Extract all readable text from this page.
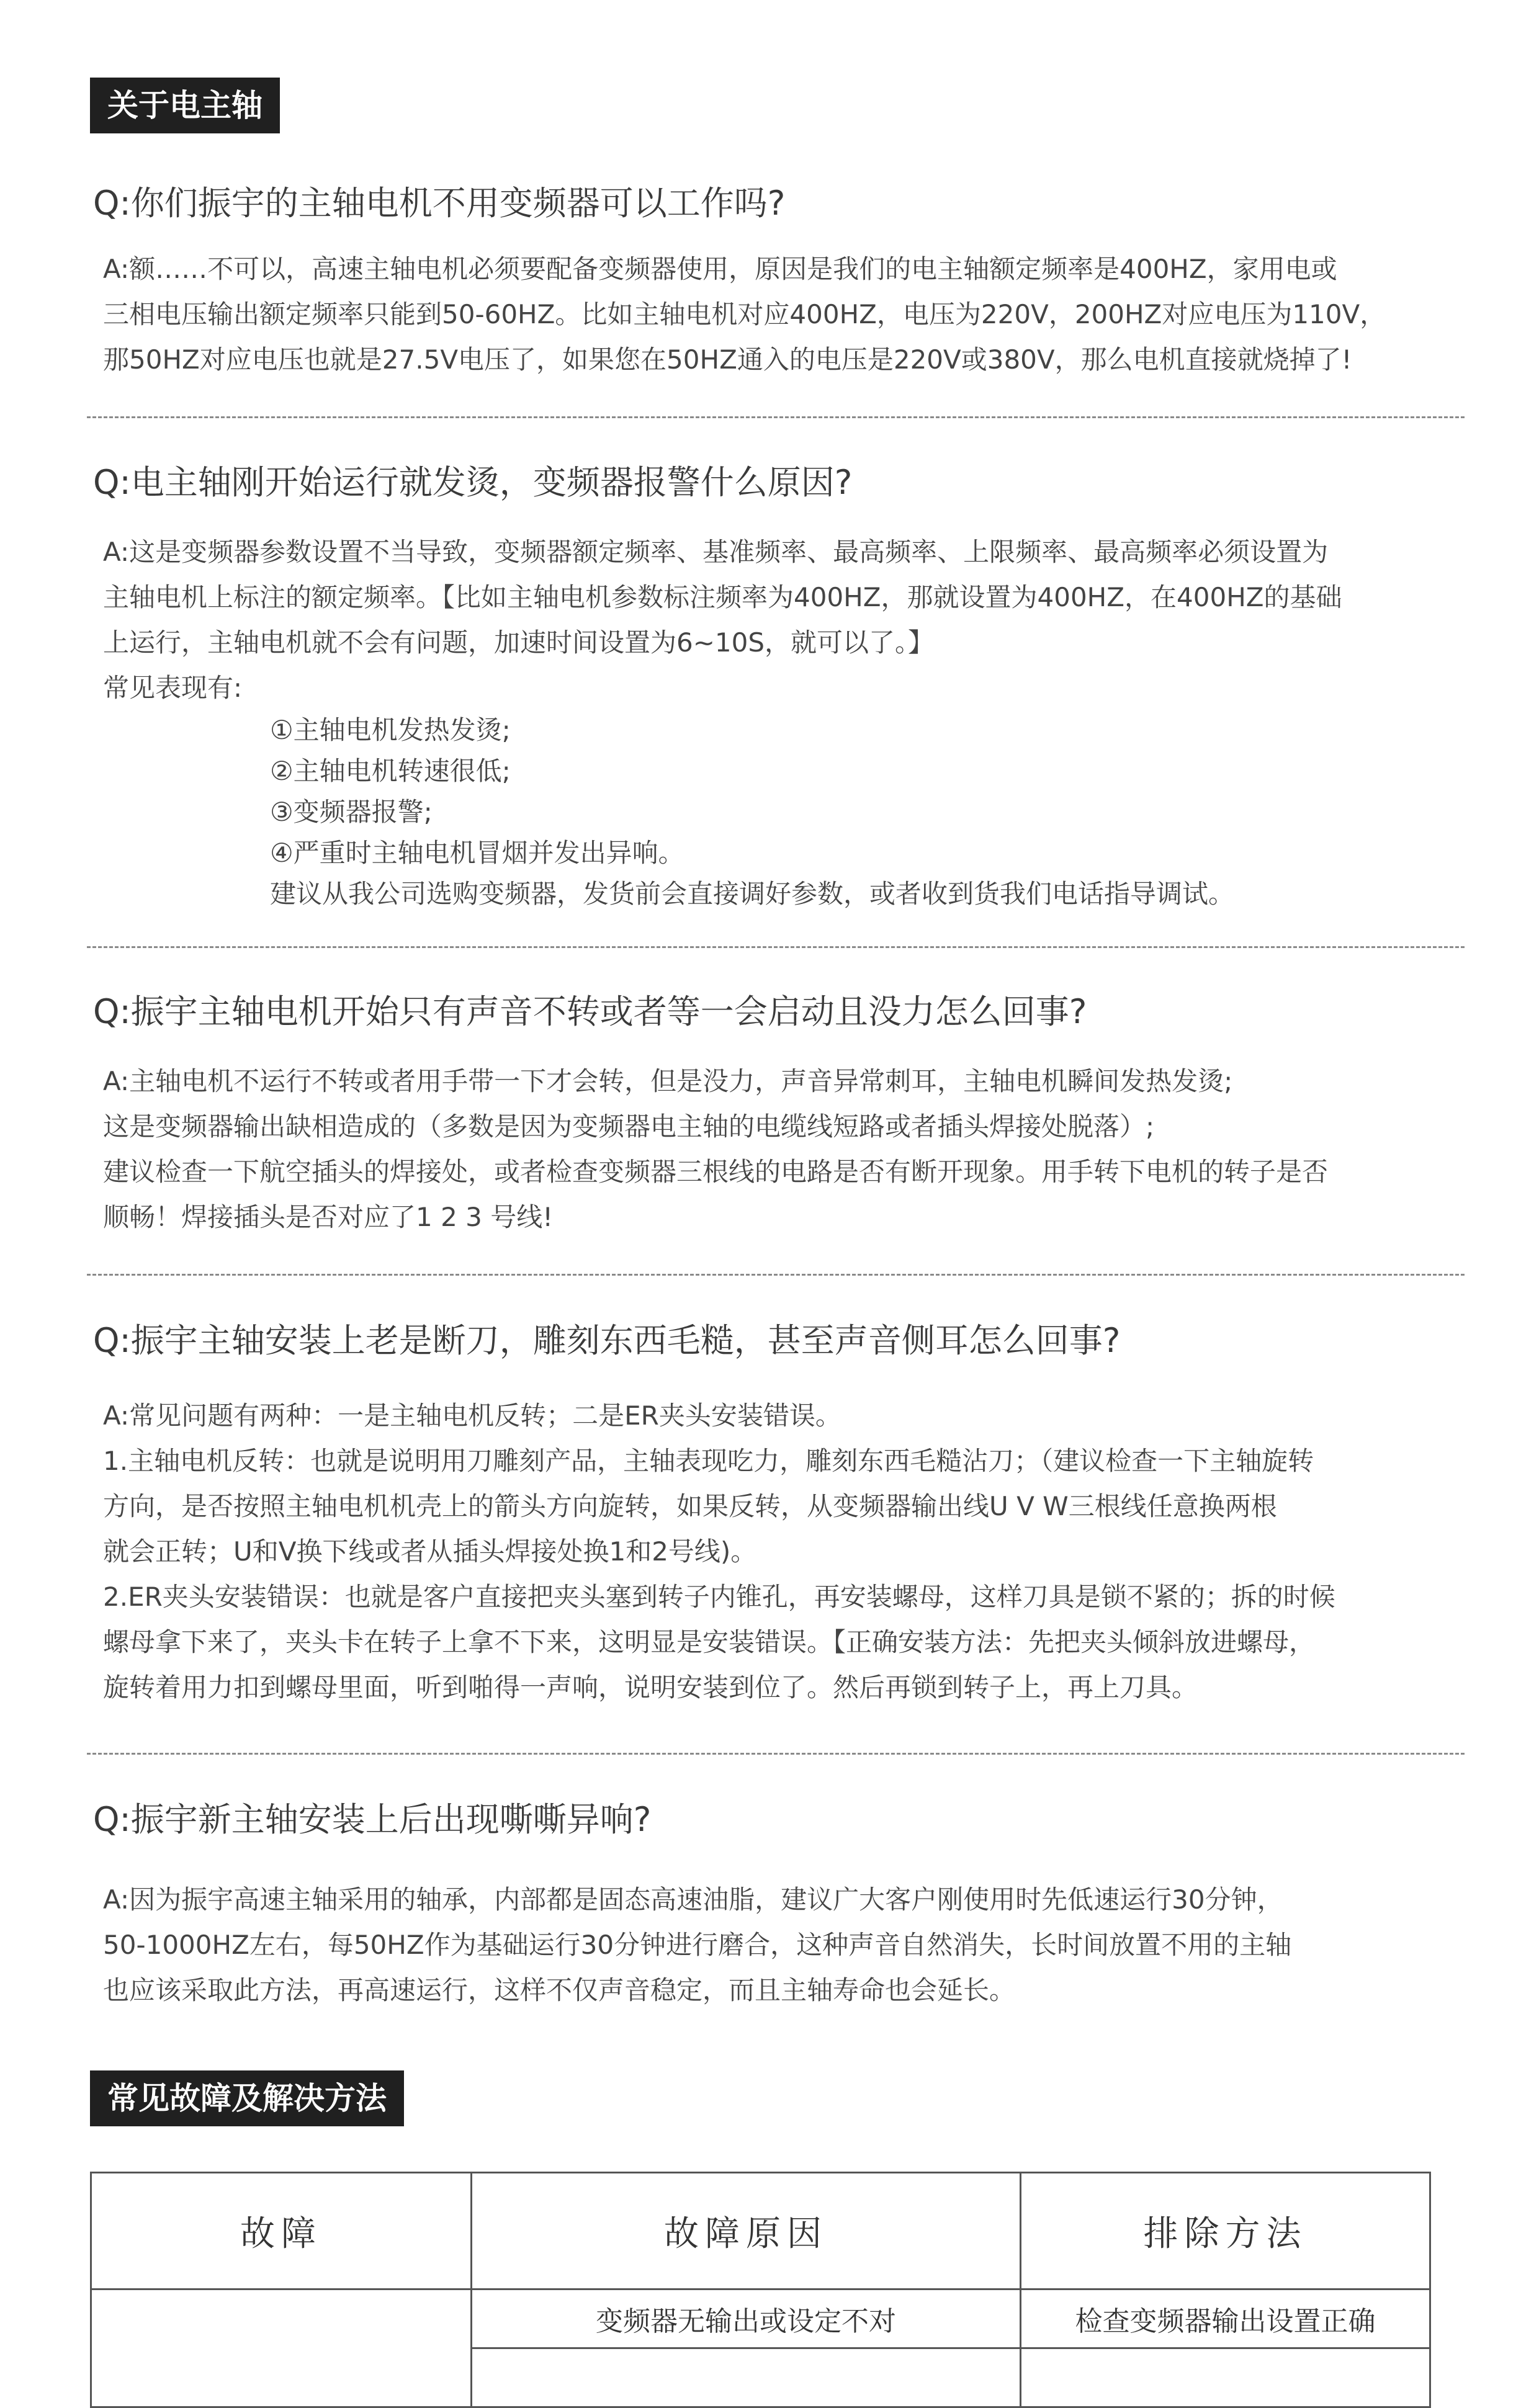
关于电主轴
Q:你们振宇的主轴电机不用变频器可以工作吗?
A:额……不可以，高速主轴电机必须要配备变频器使用，原因是我们的电主轴额定频率是400HZ，家用电或
三相电压输出额定频率只能到50-60HZ。比如主轴电机对应400HZ，电压为220V，200HZ对应电压为110V，
那50HZ对应电压也就是27.5V电压了，如果您在50HZ通入的电压是220V或380V，那么电机直接就烧掉了!
Q:电主轴刚开始运行就发烫，变频器报警什么原因?
A:这是变频器参数设置不当导致，变频器额定频率、基准频率、最高频率、上限频率、最高频率必须设置为
主轴电机上标注的额定频率。【比如主轴电机参数标注频率为400HZ，那就设置为400HZ，在400HZ的基础
上运行，主轴电机就不会有问题，加速时间设置为6~10S，就可以了。】
常见表现有:
①主轴电机发热发烫;
②主轴电机转速很低;
③变频器报警;
④严重时主轴电机冒烟并发出异响。
建议从我公司选购变频器，发货前会直接调好参数，或者收到货我们电话指导调试。
Q:振宇主轴电机开始只有声音不转或者等一会启动且没力怎么回事?
A:主轴电机不运行不转或者用手带一下才会转，但是没力，声音异常刺耳，主轴电机瞬间发热发烫;
这是变频器输出缺相造成的（多数是因为变频器电主轴的电缆线短路或者插头焊接处脱落）;
建议检查一下航空插头的焊接处，或者检查变频器三根线的电路是否有断开现象。用手转下电机的转子是否
顺畅！焊接插头是否对应了1 2 3 号线!
Q:振宇主轴安装上老是断刀，雕刻东西毛糙，甚至声音侧耳怎么回事?
A:常见问题有两种：一是主轴电机反转；二是ER夹头安装错误。
1.主轴电机反转：也就是说明用刀雕刻产品，主轴表现吃力，雕刻东西毛糙沾刀；（建议检查一下主轴旋转
方向，是否按照主轴电机机壳上的箭头方向旋转，如果反转，从变频器输出线U V W三根线任意换两根
就会正转；U和V换下线或者从插头焊接处换1和2号线)。
2.ER夹头安装错误：也就是客户直接把夹头塞到转子内锥孔，再安装螺母，这样刀具是锁不紧的；拆的时候
螺母拿下来了，夹头卡在转子上拿不下来，这明显是安装错误。【正确安装方法：先把夹头倾斜放进螺母，
旋转着用力扣到螺母里面，听到啪得一声响，说明安装到位了。然后再锁到转子上，再上刀具。
Q:振宇新主轴安装上后出现嘶嘶异响?
A:因为振宇高速主轴采用的轴承，内部都是固态高速油脂，建议广大客户刚使用时先低速运行30分钟，
50-1000HZ左右，每50HZ作为基础运行30分钟进行磨合，这种声音自然消失，长时间放置不用的主轴
也应该采取此方法，再高速运行，这样不仅声音稳定，而且主轴寿命也会延长。
常见故障及解决方法
故障	故障原因	排除方法
	变频器无输出或设定不对	检查变频器输出设置正确
